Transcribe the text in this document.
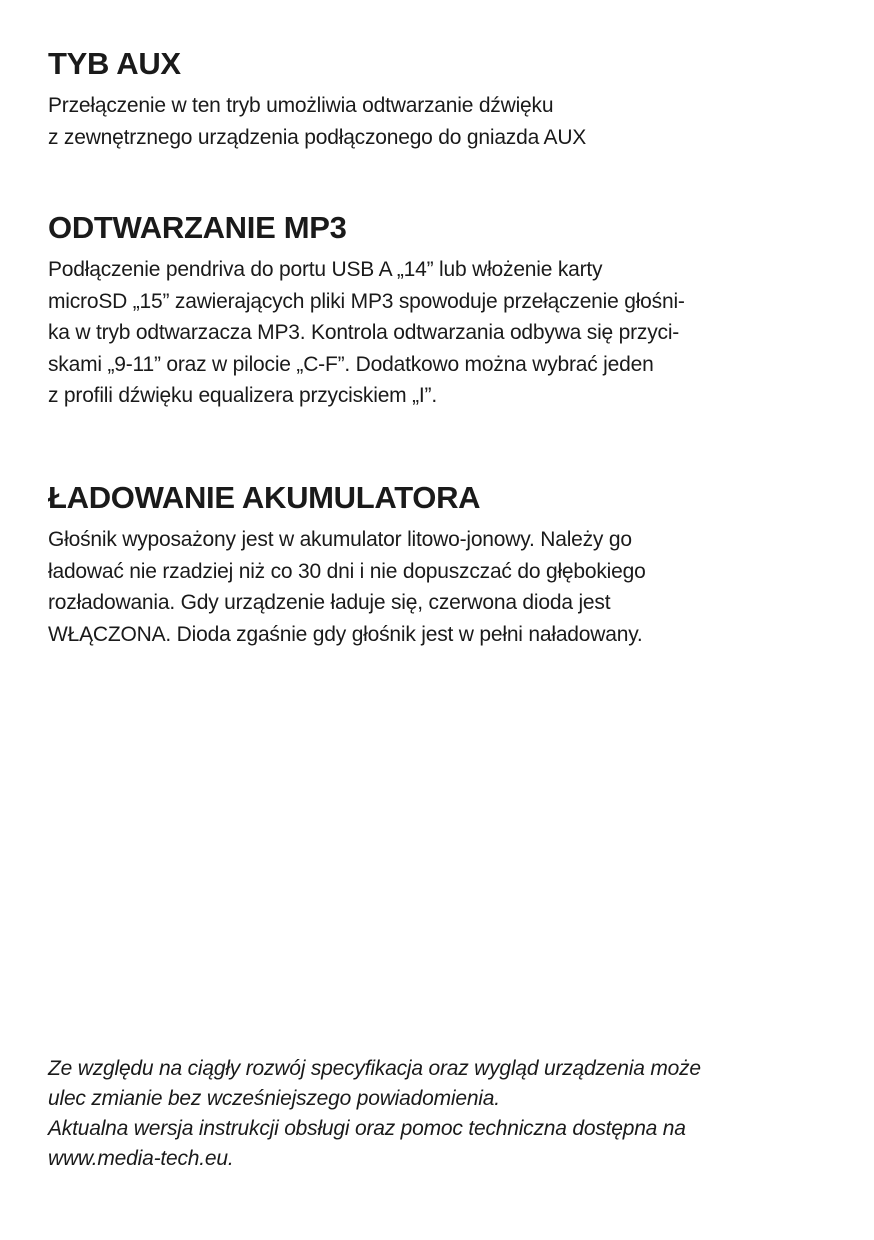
TYB AUX

Przełączenie w ten tryb umożliwia odtwarzanie dźwięku
z zewnętrznego urządzenia podłączonego do gniazda AUX

ODTWARZANIE MP3

Podłączenie pendriva do portu USB A „14” lub włożenie karty
microSD „15” zawierających pliki MP3 spowoduje przełączenie głośni-
ka w tryb odtwarzacza MP3. Kontrola odtwarzania odbywa się przyci-
skami „9-11” oraz w pilocie „C-F”. Dodatkowo można wybrać jeden
z profili dźwięku equalizera przyciskiem „I”.

ŁADOWANIE AKUMULATORA

Głośnik wyposażony jest w akumulator litowo-jonowy. Należy go
ładować nie rzadziej niż co 30 dni i nie dopuszczać do głębokiego
rozładowania. Gdy urządzenie ładuje się, czerwona dioda jest
WŁĄCZONA. Dioda zgaśnie gdy głośnik jest w pełni naładowany.

Ze względu na ciągły rozwój specyfikacja oraz wygląd urządzenia może
ulec zmianie bez wcześniejszego powiadomienia.
Aktualna wersja instrukcji obsługi oraz pomoc techniczna dostępna na
www.media-tech.eu.
